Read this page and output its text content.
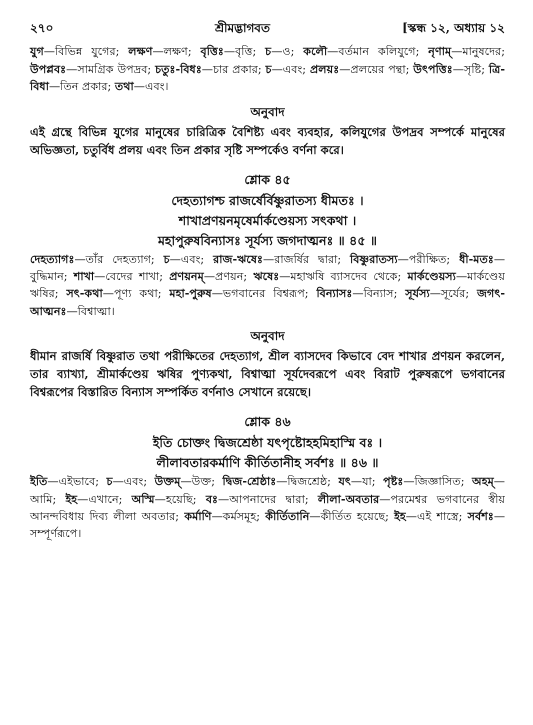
২৭০	শ্রীমদ্ভাগবত	[স্কন্ধ ১২, অধ্যায় ১২

যুগ—বিভিন্ন যুগের; লক্ষণ—লক্ষণ; বৃত্তিঃ—বৃত্তি; চ—ও; কলৌ—বর্তমান কলিযুগে; নৃণাম্—মানুষদের; উপপ্লবঃ—সামগ্রিক উপদ্রব; চতুঃ-বিধঃ—চার প্রকার; চ—এবং; প্রলয়ঃ—প্রলয়ের পন্থা; উৎপত্তিঃ—সৃষ্টি; ত্রি-বিধা—তিন প্রকার; তথা—এবং।

অনুবাদ

এই গ্রন্থে বিভিন্ন যুগের মানুষের চারিত্রিক বৈশিষ্ট্য এবং ব্যবহার, কলিযুগের উপদ্রব সম্পর্কে মানুষের অভিজ্ঞতা, চতুর্বিধ প্রলয় এবং তিন প্রকার সৃষ্টি সম্পর্কেও বর্ণনা করে।

শ্লোক ৪৫

দেহত্যাগশ্চ রাজর্ষের্বিষ্ণুরাতস্য ধীমতঃ ।

শাখাপ্রণয়নমৃষের্মার্কণ্ডেয়স্য সৎকথা ।

মহাপুরুষবিন্যাসঃ সূর্যস্য জগদাত্মনঃ ॥ ৪৫ ॥

দেহত্যাগঃ—তাঁর দেহত্যাগ; চ—এবং; রাজ-ঋষেঃ—রাজর্ষির দ্বারা; বিষ্ণুরাতস্য—পরীক্ষিত; ধী-মতঃ—বুদ্ধিমান; শাখা—বেদের শাখা; প্রণয়নম্—প্রণয়ন; ঋষেঃ—মহাঋষি ব্যাসদেব থেকে; মার্কণ্ডেয়স্য—মার্কণ্ডেয় ঋষির; সৎ-কথা—পূণ্য কথা; মহা-পুরুষ—ভগবানের বিশ্বরূপ; বিন্যাসঃ—বিন্যাস; সূর্যস্য—সূর্যের; জগৎ-আত্মনঃ—বিশ্বাত্মা।

অনুবাদ

ধীমান রাজর্ষি বিষ্ণুরাত তথা পরীক্ষিতের দেহত্যাগ, শ্রীল ব্যাসদেব কিভাবে বেদ শাখার প্রণয়ন করলেন, তার ব্যাখ্যা, শ্রীমার্কণ্ডেয় ঋষির পুণ্যকথা, বিশ্বাত্মা সূর্যদেবরূপে এবং বিরাট পুরুষরূপে ভগবানের বিশ্বরূপের বিস্তারিত বিন্যাস সম্পর্কিত বর্ণনাও সেখানে রয়েছে।

শ্লোক ৪৬

ইতি চোক্তং দ্বিজশ্রেষ্ঠা যৎপৃষ্টোহহমিহাস্মি বঃ ।

লীলাবতারকর্মাণি কীর্তিতানীহ সর্বশঃ ॥ ৪৬ ॥

ইতি—এইভাবে; চ—এবং; উক্তম্—উক্ত; দ্বিজ-শ্রেষ্ঠাঃ—দ্বিজশ্রেষ্ঠ; যৎ—যা; পৃষ্টঃ—জিজ্ঞাসিত; অহম্—আমি; ইহ—এখানে; অস্মি—হয়েছি; বঃ—আপনাদের দ্বারা; লীলা-অবতার—পরমেশ্বর ভগবানের স্বীয় আনন্দবিধায় দিব্য লীলা অবতার; কর্মাণি—কর্মসমূহ; কীর্তিতানি—কীর্তিত হয়েছে; ইহ—এই শাস্ত্রে; সর্বশঃ—সম্পূর্ণরূপে।
